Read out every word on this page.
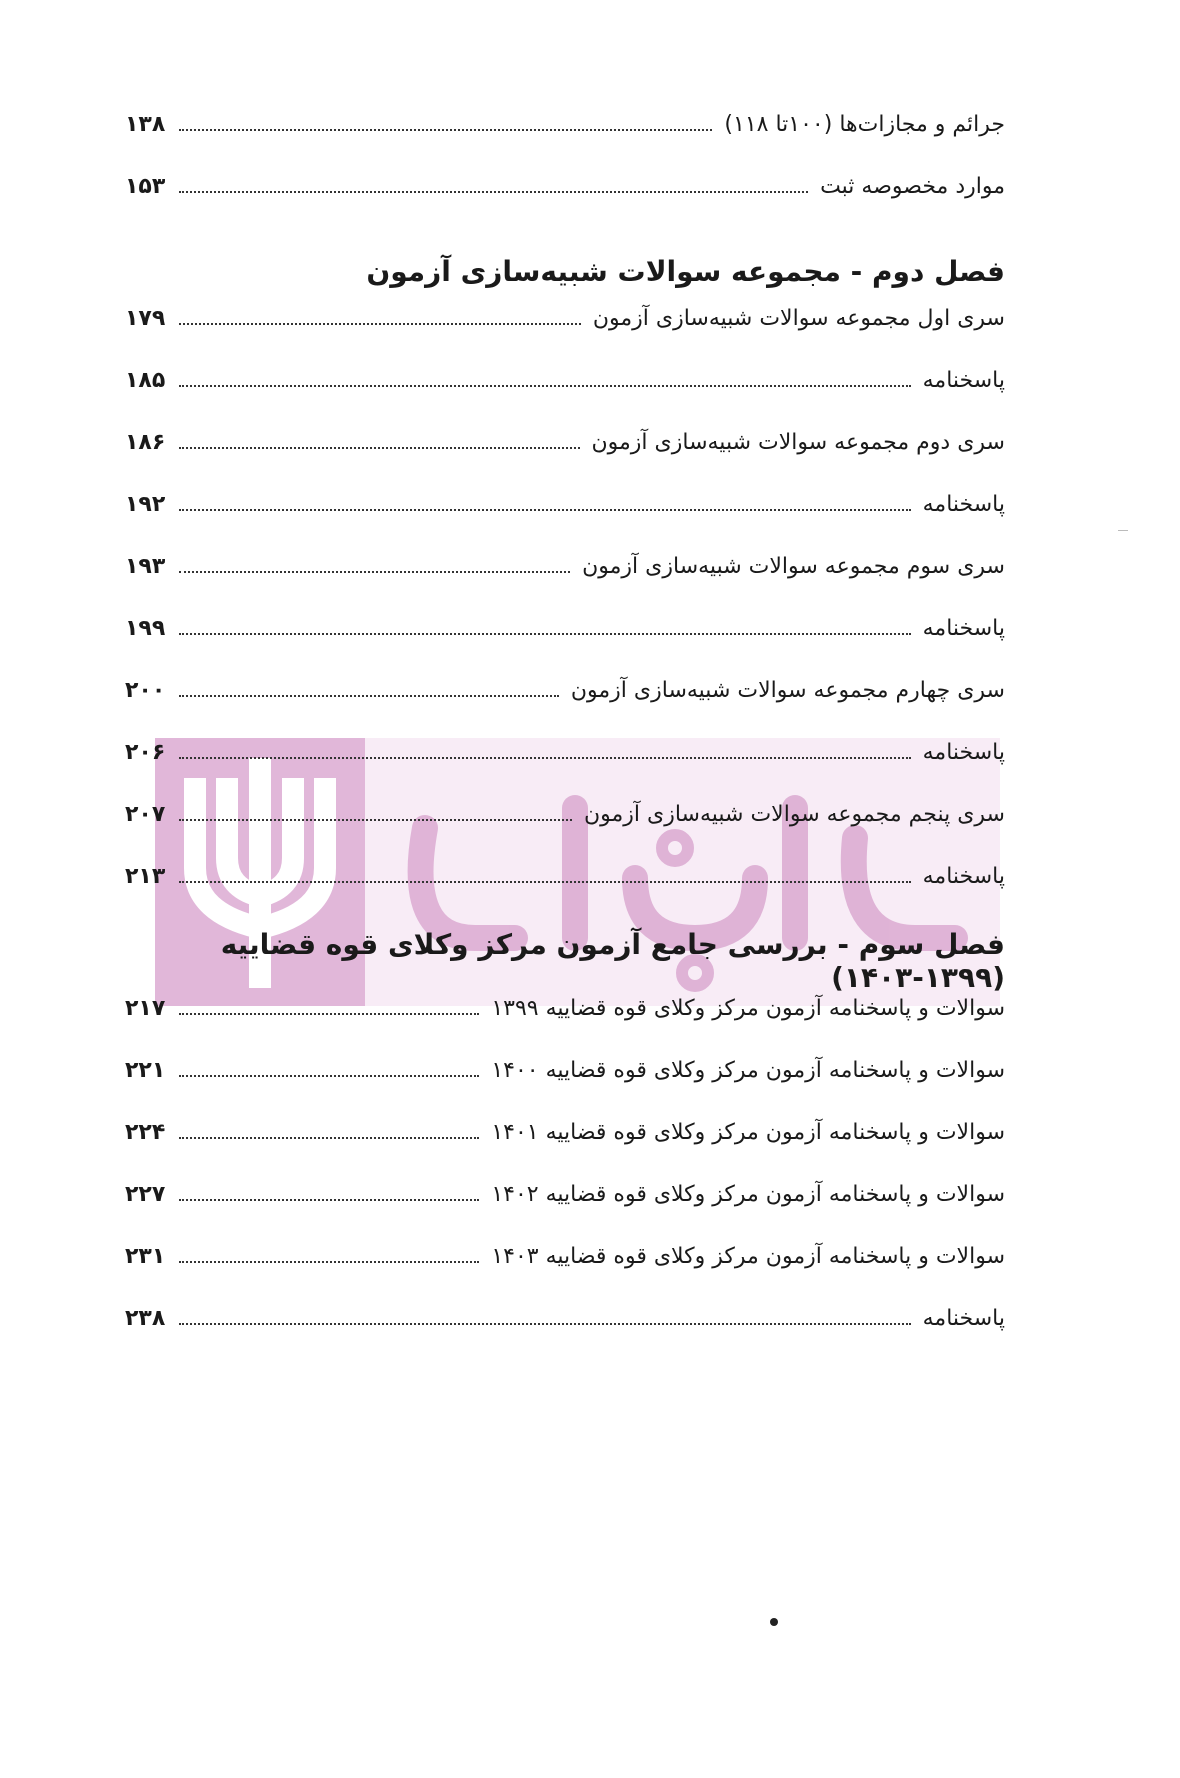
جرائم و مجازات‌ها (۱۰۰تا ۱۱۸)
۱۳۸
موارد مخصوصه ثبت
۱۵۳
فصل دوم - مجموعه سوالات شبیه‌سازی آزمون
سری اول مجموعه سوالات شبیه‌سازی آزمون
۱۷۹
پاسخنامه
۱۸۵
سری دوم مجموعه سوالات شبیه‌سازی آزمون
۱۸۶
پاسخنامه
۱۹۲
سری سوم مجموعه سوالات شبیه‌سازی آزمون
۱۹۳
پاسخنامه
۱۹۹
سری چهارم مجموعه سوالات شبیه‌سازی آزمون
۲۰۰
پاسخنامه
۲۰۶
سری پنجم مجموعه سوالات شبیه‌سازی آزمون
۲۰۷
پاسخنامه
۲۱۳
فصل سوم - بررسی جامع آزمون مرکز وکلای قوه قضاییه (۱۳۹۹-۱۴۰۳)
سوالات و پاسخنامه آزمون مرکز وکلای قوه قضاییه ۱۳۹۹
۲۱۷
سوالات و پاسخنامه آزمون مرکز وکلای قوه قضاییه ۱۴۰۰
۲۲۱
سوالات و پاسخنامه آزمون مرکز وکلای قوه قضاییه ۱۴۰۱
۲۲۴
سوالات و پاسخنامه آزمون مرکز وکلای قوه قضاییه ۱۴۰۲
۲۲۷
سوالات و پاسخنامه آزمون مرکز وکلای قوه قضاییه ۱۴۰۳
۲۳۱
پاسخنامه
۲۳۸
